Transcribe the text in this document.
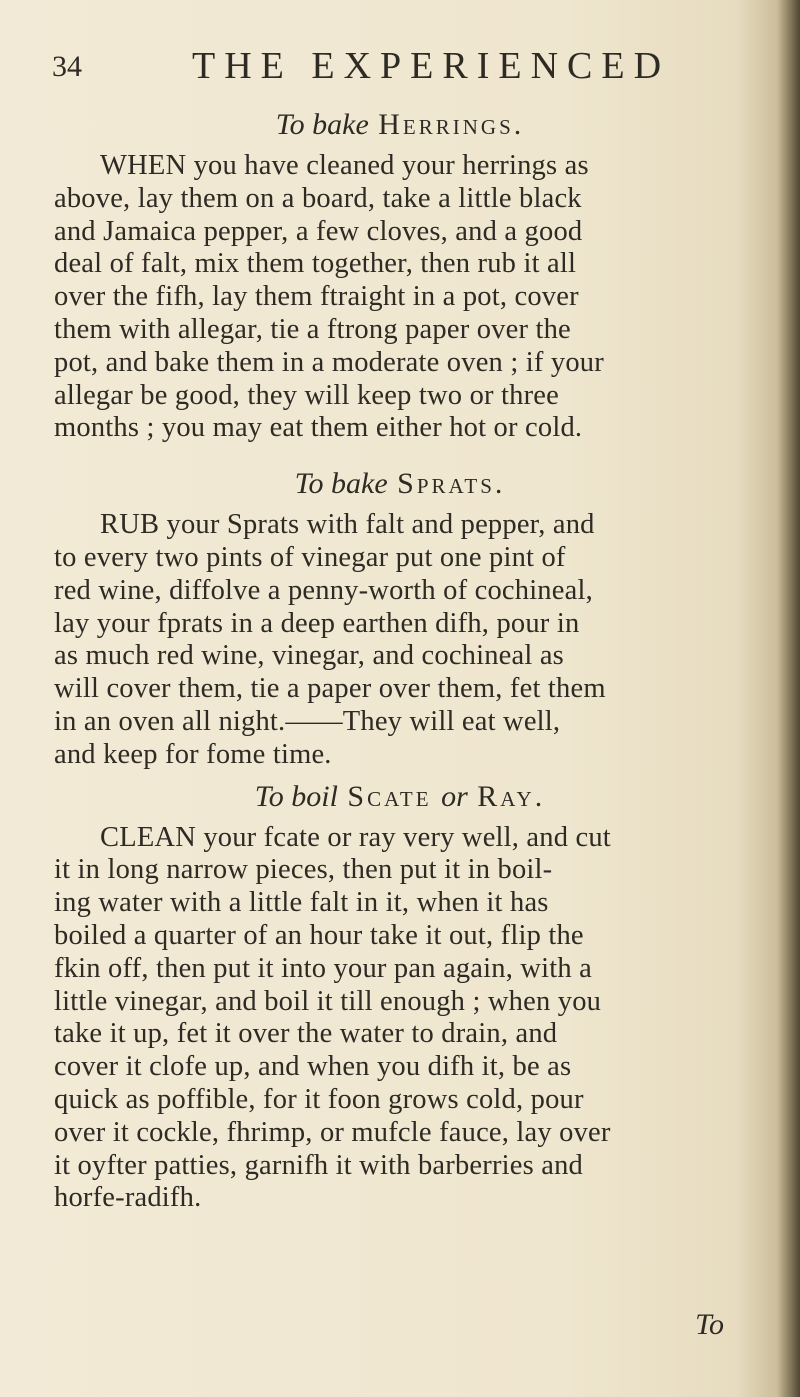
34	THE EXPERIENCED
To bake Herrings.
WHEN you have cleaned your herrings as
above, lay them on a board, take a little black
and Jamaica pepper, a few cloves, and a good
deal of falt, mix them together, then rub it all
over the fifh, lay them ftraight in a pot, cover
them with allegar, tie a ftrong paper over the
pot, and bake them in a moderate oven ; if your
allegar be good, they will keep two or three
months ; you may eat them either hot or cold.
To bake Sprats.
RUB your Sprats with falt and pepper, and
to every two pints of vinegar put one pint of
red wine, diffolve a penny-worth of cochineal,
lay your fprats in a deep earthen difh, pour in
as much red wine, vinegar, and cochineal as
will cover them, tie a paper over them, fet them
in an oven all night.——They will eat well,
and keep for fome time.
To boil Scate or Ray.
CLEAN your fcate or ray very well, and cut
it in long narrow pieces, then put it in boil-
ing water with a little falt in it, when it has
boiled a quarter of an hour take it out, flip the
fkin off, then put it into your pan again, with a
little vinegar, and boil it till enough ; when you
take it up, fet it over the water to drain, and
cover it clofe up, and when you difh it, be as
quick as poffible, for it foon grows cold, pour
over it cockle, fhrimp, or mufcle fauce, lay over
it oyfter patties, garnifh it with barberries and
horfe-radifh.
To
